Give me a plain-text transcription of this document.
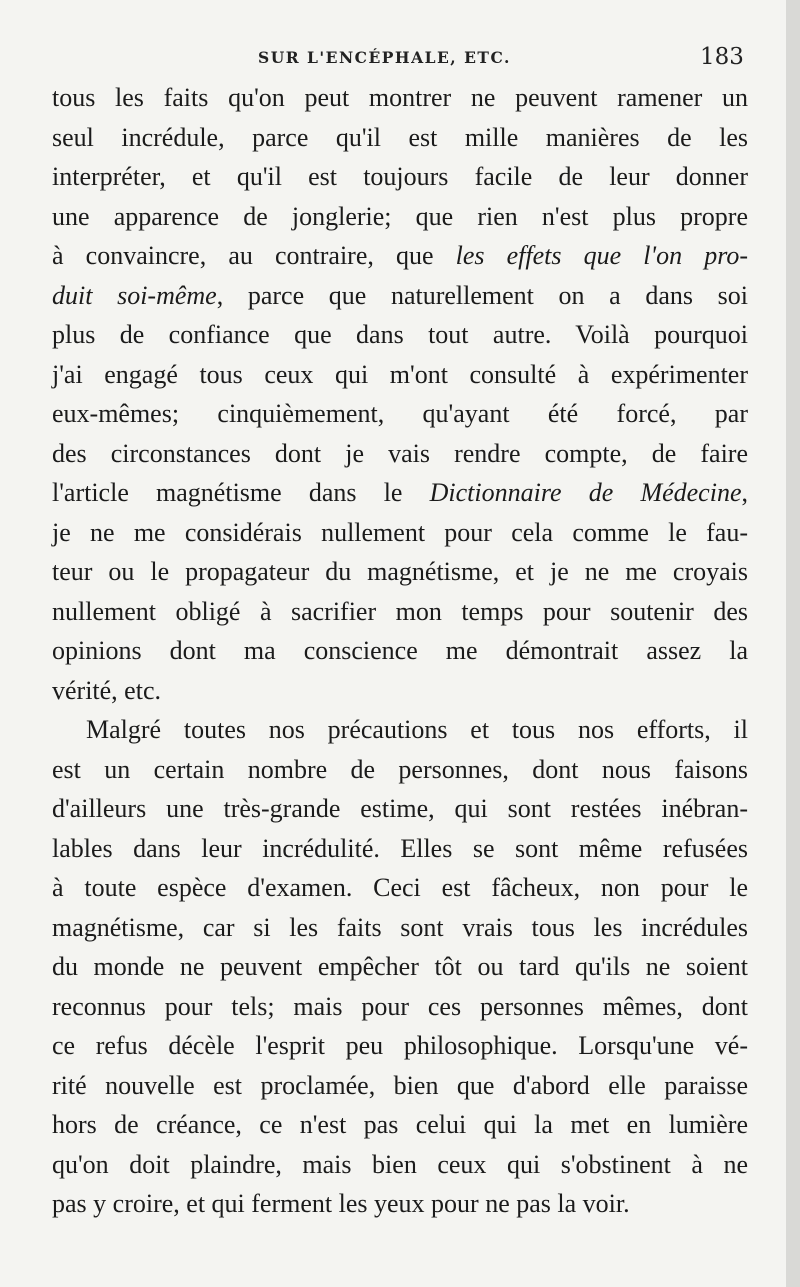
SUR L'ENCÉPHALE, ETC.	183
tous les faits qu'on peut montrer ne peuvent ramener un
seul incrédule, parce qu'il est mille manières de les
interpréter, et qu'il est toujours facile de leur donner
une apparence de jonglerie; que rien n'est plus propre
à convaincre, au contraire, que les effets que l'on pro-
duit soi-même, parce que naturellement on a dans soi
plus de confiance que dans tout autre. Voilà pourquoi
j'ai engagé tous ceux qui m'ont consulté à expérimenter
eux-mêmes; cinquièmement, qu'ayant été forcé, par
des circonstances dont je vais rendre compte, de faire
l'article magnétisme dans le Dictionnaire de Médecine,
je ne me considérais nullement pour cela comme le fau-
teur ou le propagateur du magnétisme, et je ne me croyais
nullement obligé à sacrifier mon temps pour soutenir des
opinions dont ma conscience me démontrait assez la
vérité, etc.
Malgré toutes nos précautions et tous nos efforts, il
est un certain nombre de personnes, dont nous faisons
d'ailleurs une très-grande estime, qui sont restées inébran-
lables dans leur incrédulité. Elles se sont même refusées
à toute espèce d'examen. Ceci est fâcheux, non pour le
magnétisme, car si les faits sont vrais tous les incrédules
du monde ne peuvent empêcher tôt ou tard qu'ils ne soient
reconnus pour tels; mais pour ces personnes mêmes, dont
ce refus décèle l'esprit peu philosophique. Lorsqu'une vé-
rité nouvelle est proclamée, bien que d'abord elle paraisse
hors de créance, ce n'est pas celui qui la met en lumière
qu'on doit plaindre, mais bien ceux qui s'obstinent à ne
pas y croire, et qui ferment les yeux pour ne pas la voir.
